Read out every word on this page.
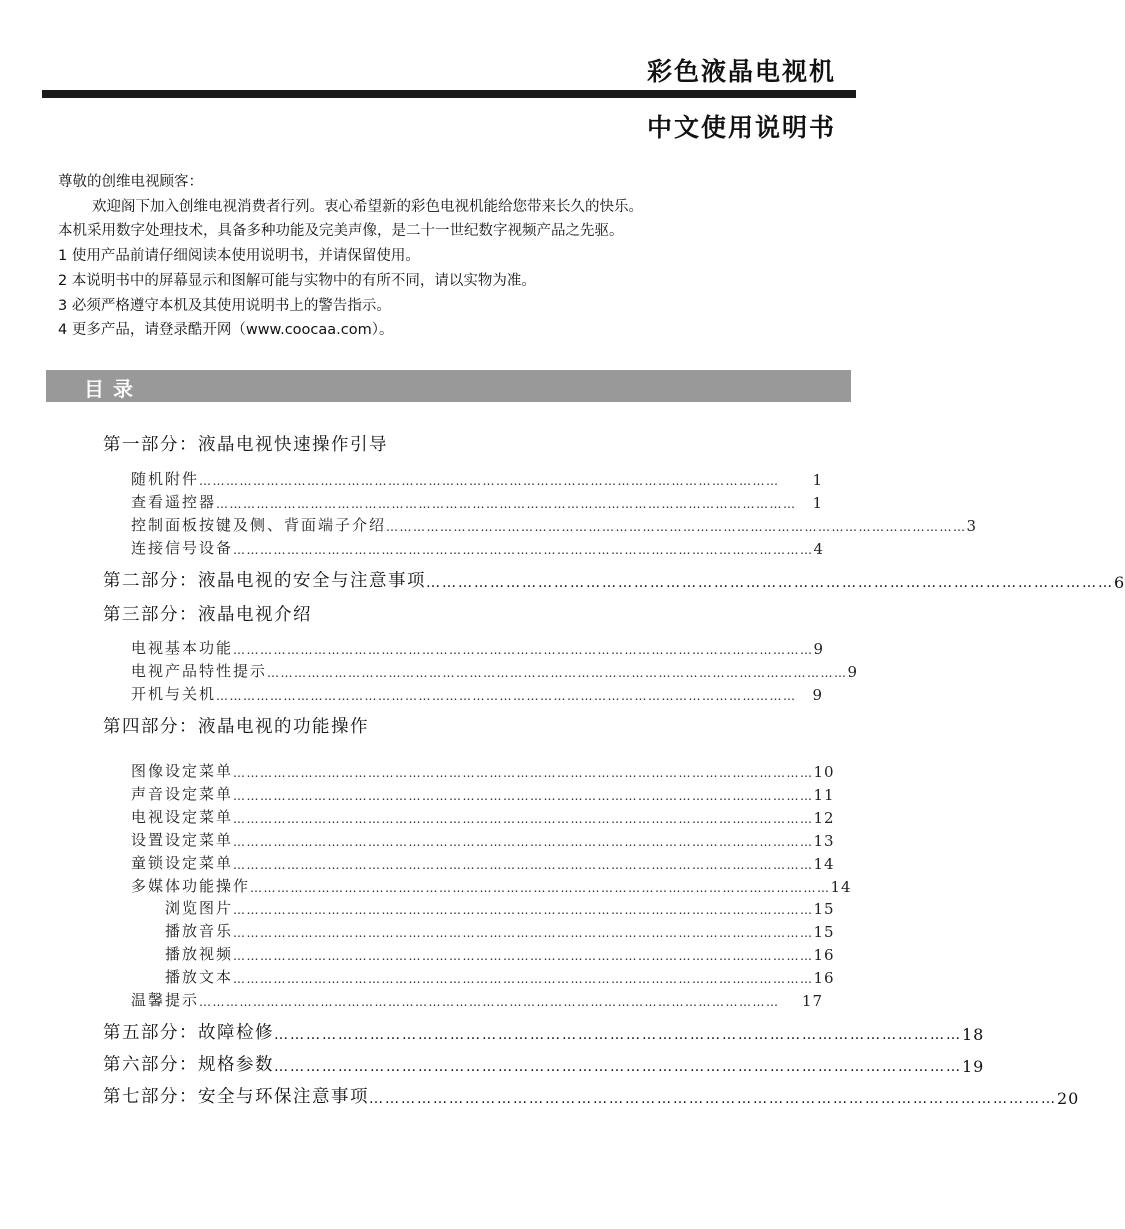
彩色液晶电视机
中文使用说明书

尊敬的创维电视顾客：

欢迎阁下加入创维电视消费者行列。衷心希望新的彩色电视机能给您带来长久的快乐。

本机采用数字处理技术，具备多种功能及完美声像，是二十一世纪数字视频产品之先驱。

1 使用产品前请仔细阅读本使用说明书，并请保留使用。

2 本说明书中的屏幕显示和图解可能与实物中的有所不同，请以实物为准。

3 必须严格遵守本机及其使用说明书上的警告指示。

4 更多产品，请登录酷开网（www.coocaa.com）。

目录
第一部分：液晶电视快速操作引导
随机附件 …………………………………………………………………………………………………………………	1
查看遥控器 …………………………………………………………………………………………………………………	1
控制面板按键及侧、背面端子介绍 ………………………………………………………………………………………………………………… 3
连接信号设备 ………………………………………………………………………………………………………………… 4
第二部分：液晶电视的安全与注意事项 ………………………………………………………………………………………………………………… 6
第三部分：液晶电视介绍
电视基本功能 ………………………………………………………………………………………………………………… 9
电视产品特性提示 ………………………………………………………………………………………………………………… 9
开机与关机 …………………………………………………………………………………………………………………	9
第四部分：液晶电视的功能操作
图像设定菜单 ………………………………………………………………………………………………………………… 10
声音设定菜单 ………………………………………………………………………………………………………………… 11
电视设定菜单 ………………………………………………………………………………………………………………… 12
设置设定菜单 ………………………………………………………………………………………………………………… 13
童锁设定菜单 ………………………………………………………………………………………………………………… 14
多媒体功能操作 ………………………………………………………………………………………………………………… 14
浏览图片 ………………………………………………………………………………………………………………… 15
播放音乐 ………………………………………………………………………………………………………………… 15
播放视频 ………………………………………………………………………………………………………………… 16
播放文本 ………………………………………………………………………………………………………………… 16
温馨提示 …………………………………………………………………………………………………………………	17
第五部分：故障检修 ………………………………………………………………………………………………………………… 18
第六部分：规格参数 ………………………………………………………………………………………………………………… 19
第七部分：安全与环保注意事项 ………………………………………………………………………………………………………………… 20
